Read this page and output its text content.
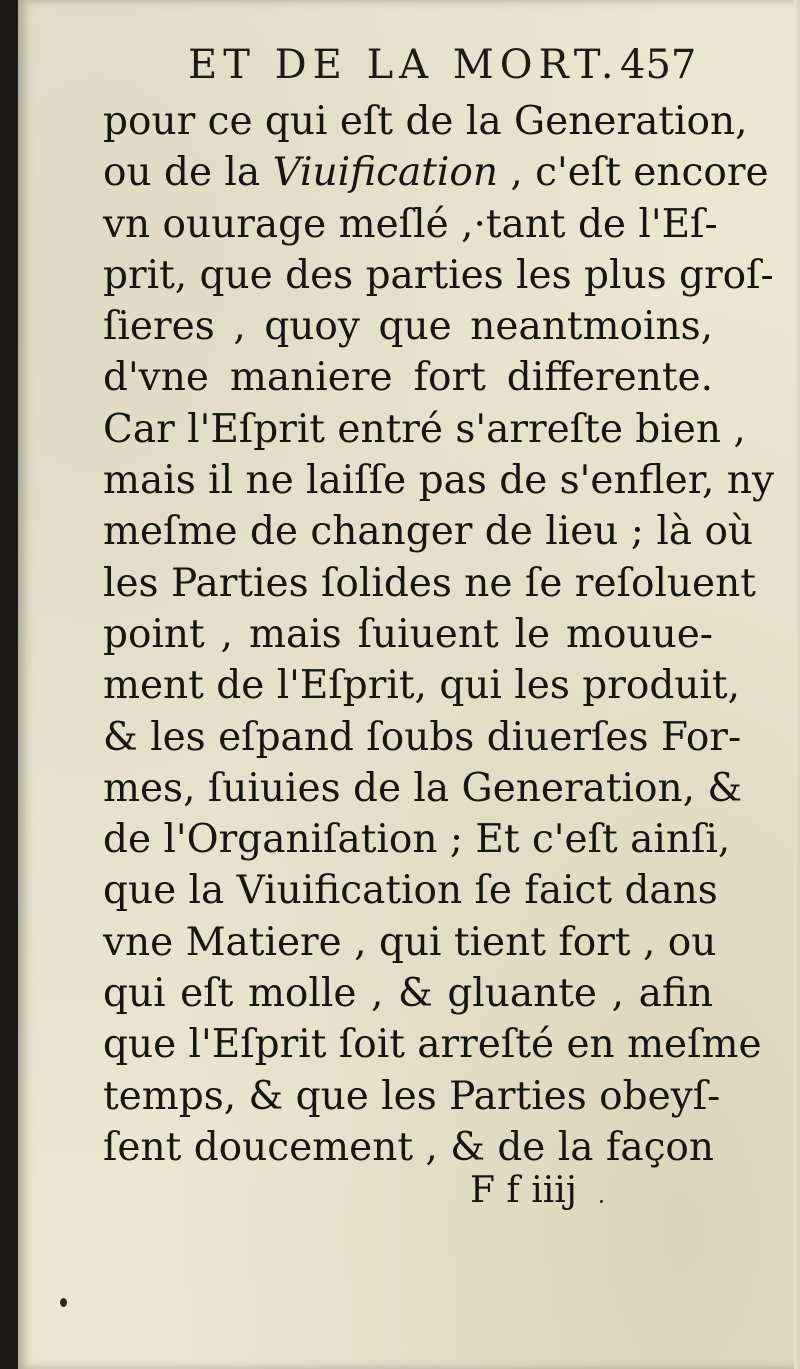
ET DE LA MORT. 457
pour ce qui eſt de la Generation,
ou de la Viuification , c'eſt encore
vn ouurage meſlé ,·tant de l'Eſ-
prit, que des parties les plus groſ-
ſieres , quoy que neantmoins,
d'vne maniere fort differente.
Car l'Eſprit entré s'arreſte bien ,
mais il ne laiſſe pas de s'enfler, ny
meſme de changer de lieu ; là où
les Parties ſolides ne ſe reſoluent
point , mais ſuiuent le mouue-
ment de l'Eſprit, qui les produit,
& les eſpand ſoubs diuerſes For-
mes, ſuiuies de la Generation, &
de l'Organiſation ; Et c'eſt ainſi,
que la Viuification ſe faict dans
vne Matiere , qui tient fort , ou
qui eſt molle , & gluante , afin
que l'Eſprit ſoit arreſté en meſme
temps, & que les Parties obeyſ-
ſent doucement , & de la façon
F f iiij
